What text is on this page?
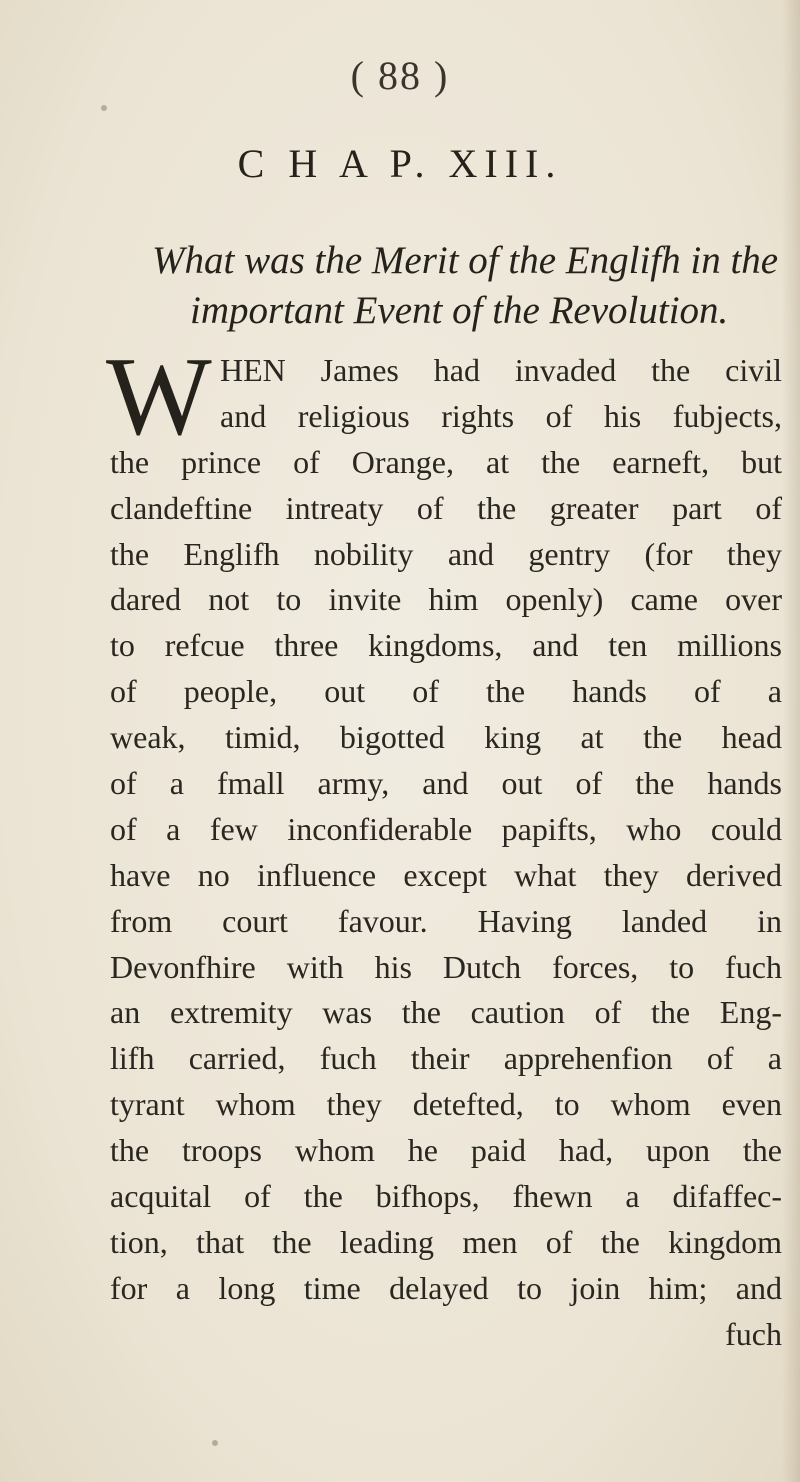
( 88 )
C H A P. XIII.
What was the Merit of the Englifh in the
important Event of the Revolution.
W HEN James had invaded the civil
and religious rights of his fubjects,
the prince of Orange, at the earneft, but
clandeftine intreaty of the greater part of
the Englifh nobility and gentry (for they
dared not to invite him openly) came over
to refcue three kingdoms, and ten millions
of people, out of the hands of a
weak, timid, bigotted king at the head
of a fmall army, and out of the hands
of a few inconfiderable papifts, who could
have no influence except what they derived
from court favour. Having landed in
Devonfhire with his Dutch forces, to fuch
an extremity was the caution of the Eng-
lifh carried, fuch their apprehenfion of a
tyrant whom they detefted, to whom even
the troops whom he paid had, upon the
acquital of the bifhops, fhewn a difaffec-
tion, that the leading men of the kingdom
for a long time delayed to join him; and
fuch
